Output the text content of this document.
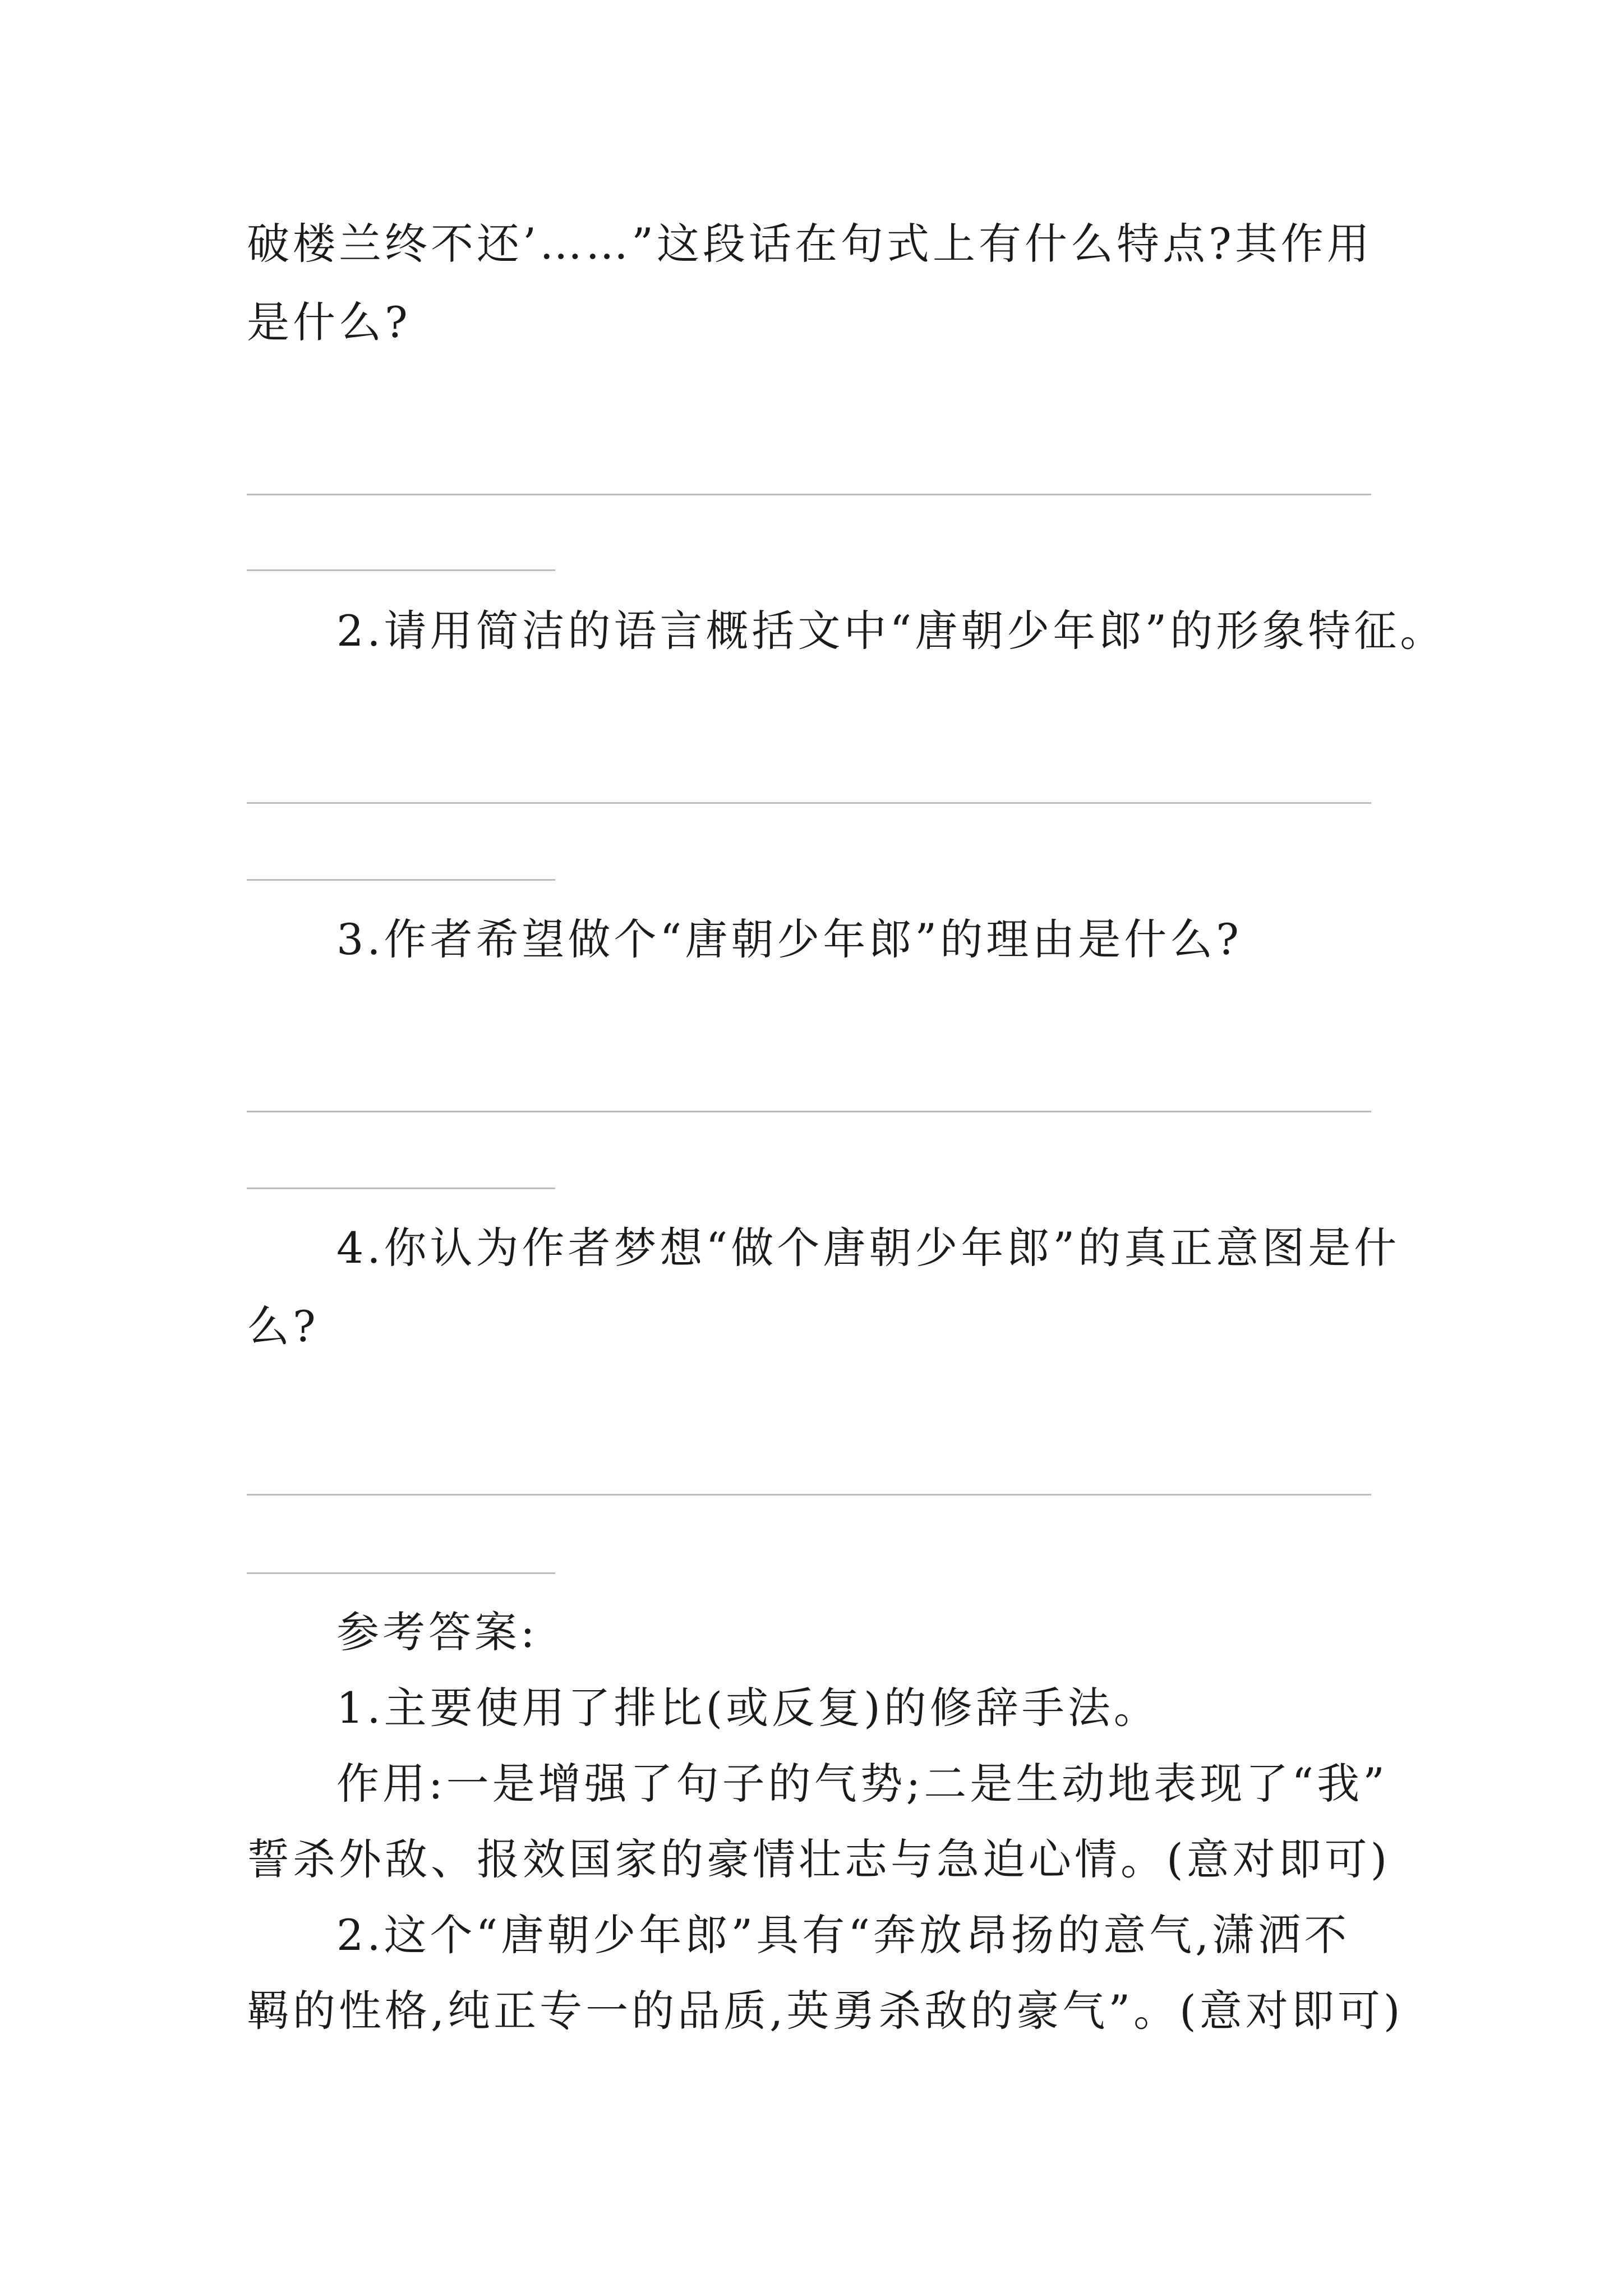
破楼兰终不还’……”这段话在句式上有什么特点?其作用
是什么?
2.请用简洁的语言概括文中“唐朝少年郎”的形象特征。
3.作者希望做个“唐朝少年郎”的理由是什么?
4.你认为作者梦想“做个唐朝少年郎”的真正意图是什
么?
参考答案:
1.主要使用了排比(或反复)的修辞手法。
作用:一是增强了句子的气势;二是生动地表现了“我”
誓杀外敌、报效国家的豪情壮志与急迫心情。(意对即可)
2.这个“唐朝少年郎”具有“奔放昂扬的意气,潇洒不
羁的性格,纯正专一的品质,英勇杀敌的豪气”。(意对即可)
